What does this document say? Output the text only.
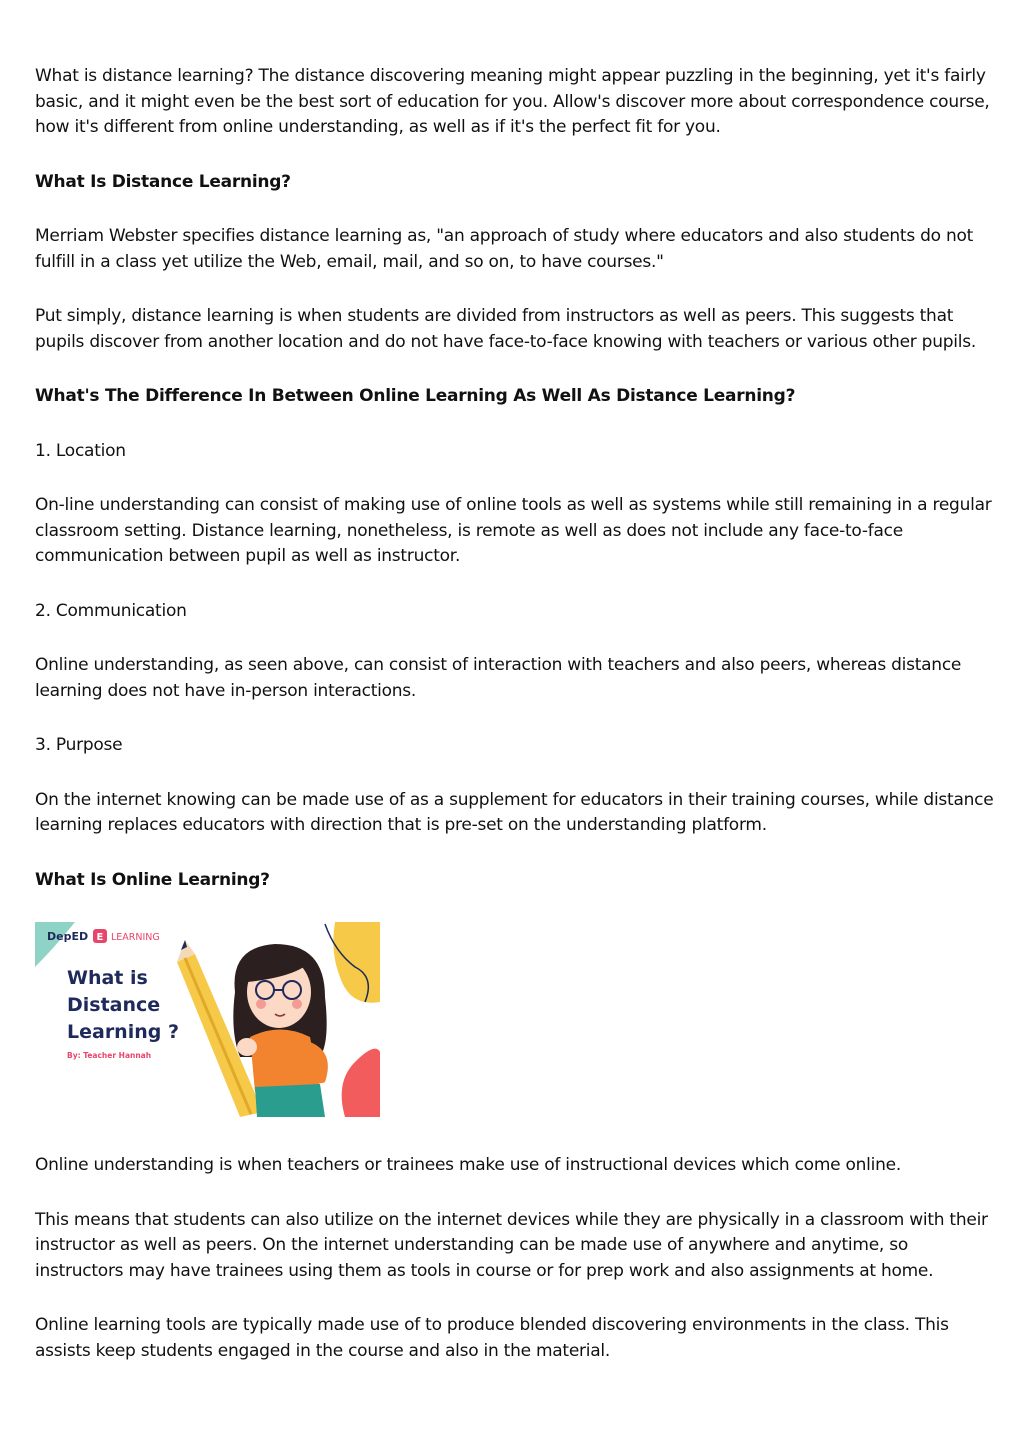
What is distance learning? The distance discovering meaning might appear puzzling in the beginning, yet it's fairly basic, and it might even be the best sort of education for you. Allow's discover more about correspondence course, how it's different from online understanding, as well as if it's the perfect fit for you.

What Is Distance Learning?

Merriam Webster specifies distance learning as, "an approach of study where educators and also students do not fulfill in a class yet utilize the Web, email, mail, and so on, to have courses."

Put simply, distance learning is when students are divided from instructors as well as peers. This suggests that pupils discover from another location and do not have face-to-face knowing with teachers or various other pupils.

What's The Difference In Between Online Learning As Well As Distance Learning?

1. Location

On-line understanding can consist of making use of online tools as well as systems while still remaining in a regular classroom setting. Distance learning, nonetheless, is remote as well as does not include any face-to-face communication between pupil as well as instructor.

2. Communication

Online understanding, as seen above, can consist of interaction with teachers and also peers, whereas distance learning does not have in-person interactions.

3. Purpose

On the internet knowing can be made use of as a supplement for educators in their training courses, while distance learning replaces educators with direction that is pre-set on the understanding platform.

What Is Online Learning?

DepED E LEARNING
What is
Distance
Learning ?
By: Teacher Hannah

Online understanding is when teachers or trainees make use of instructional devices which come online.

This means that students can also utilize on the internet devices while they are physically in a classroom with their instructor as well as peers. On the internet understanding can be made use of anywhere and anytime, so instructors may have trainees using them as tools in course or for prep work and also assignments at home.

Online learning tools are typically made use of to produce blended discovering environments in the class. This assists keep students engaged in the course and also in the material.
